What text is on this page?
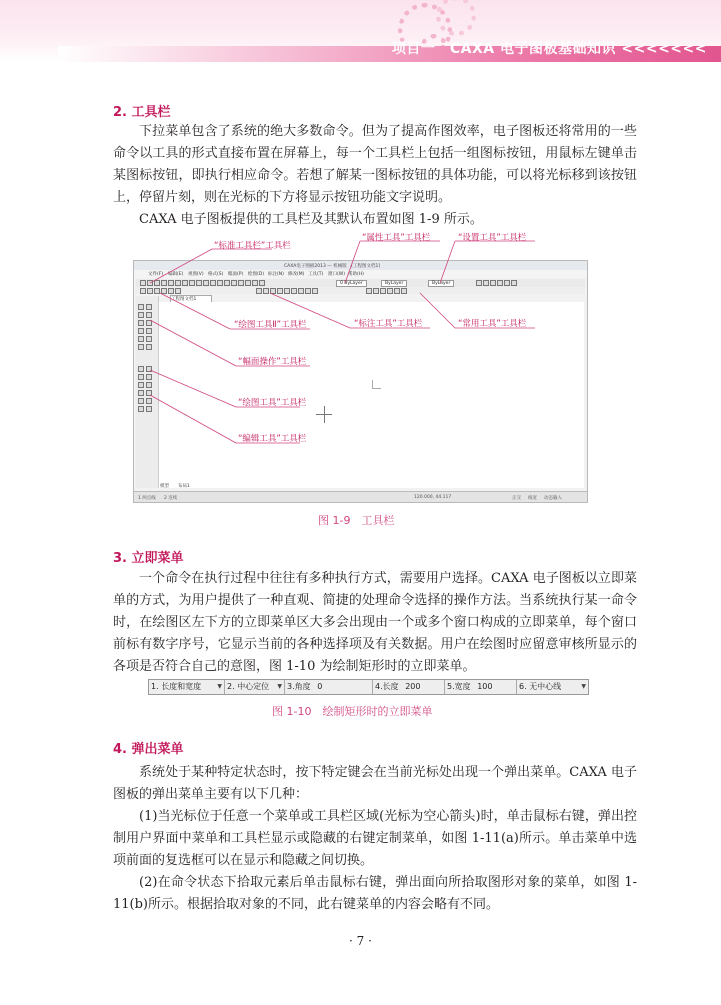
项目一　CAXA 电子图板基础知识 <<<<<<<
2. 工具栏
下拉菜单包含了系统的绝大多数命令。但为了提高作图效率，电子图板还将常用的一些命令以工具的形式直接布置在屏幕上，每一个工具栏上包括一组图标按钮，用鼠标左键单击某图标按钮，即执行相应命令。若想了解某一图标按钮的具体功能，可以将光标移到该按钮上，停留片刻，则在光标的下方将显示按钮功能文字说明。
CAXA 电子图板提供的工具栏及其默认布置如图 1-9 所示。
CAXA电子图板2013 — 机械版　[工程图文档1]
文件(F) 编辑(E) 视图(V) 格式(S) 幅面(P) 绘图(D) 标注(N) 修改(M) 工具(T) 窗口(W) 帮助(H)
0 ByLayer	ByLayer	ByLayer
工程图文档1
模型 布局1
1 两点线 2 连续	120.000, 44.117	正交 线宽 动态输入
“标准工具栏”工具栏
“属性工具”工具栏	“设置工具”工具栏
“绘图工具Ⅱ”工具栏	“标注工具”工具栏	“常用工具”工具栏
“幅面操作”工具栏
“绘图工具”工具栏
“编辑工具”工具栏
图 1-9　工具栏
3. 立即菜单
一个命令在执行过程中往往有多种执行方式，需要用户选择。CAXA 电子图板以立即菜单的方式，为用户提供了一种直观、简捷的处理命令选择的操作方法。当系统执行某一命令时，在绘图区左下方的立即菜单区大多会出现由一个或多个窗口构成的立即菜单，每个窗口前标有数字序号，它显示当前的各种选择项及有关数据。用户在绘图时应留意审核所显示的各项是否符合自己的意图，图 1-10 为绘制矩形时的立即菜单。
1. 长度和宽度	▼ 2. 中心定位 ▼ 3.角度 0	4.长度 200	5.宽度 100	6. 无中心线	▼
图 1-10　绘制矩形时的立即菜单
4. 弹出菜单
系统处于某种特定状态时，按下特定键会在当前光标处出现一个弹出菜单。CAXA 电子图板的弹出菜单主要有以下几种：
(1)当光标位于任意一个菜单或工具栏区域(光标为空心箭头)时，单击鼠标右键，弹出控制用户界面中菜单和工具栏显示或隐藏的右键定制菜单，如图 1-11(a)所示。单击菜单中选项前面的复选框可以在显示和隐藏之间切换。
(2)在命令状态下拾取元素后单击鼠标右键，弹出面向所拾取图形对象的菜单，如图 1-11(b)所示。根据拾取对象的不同，此右键菜单的内容会略有不同。
· 7 ·
